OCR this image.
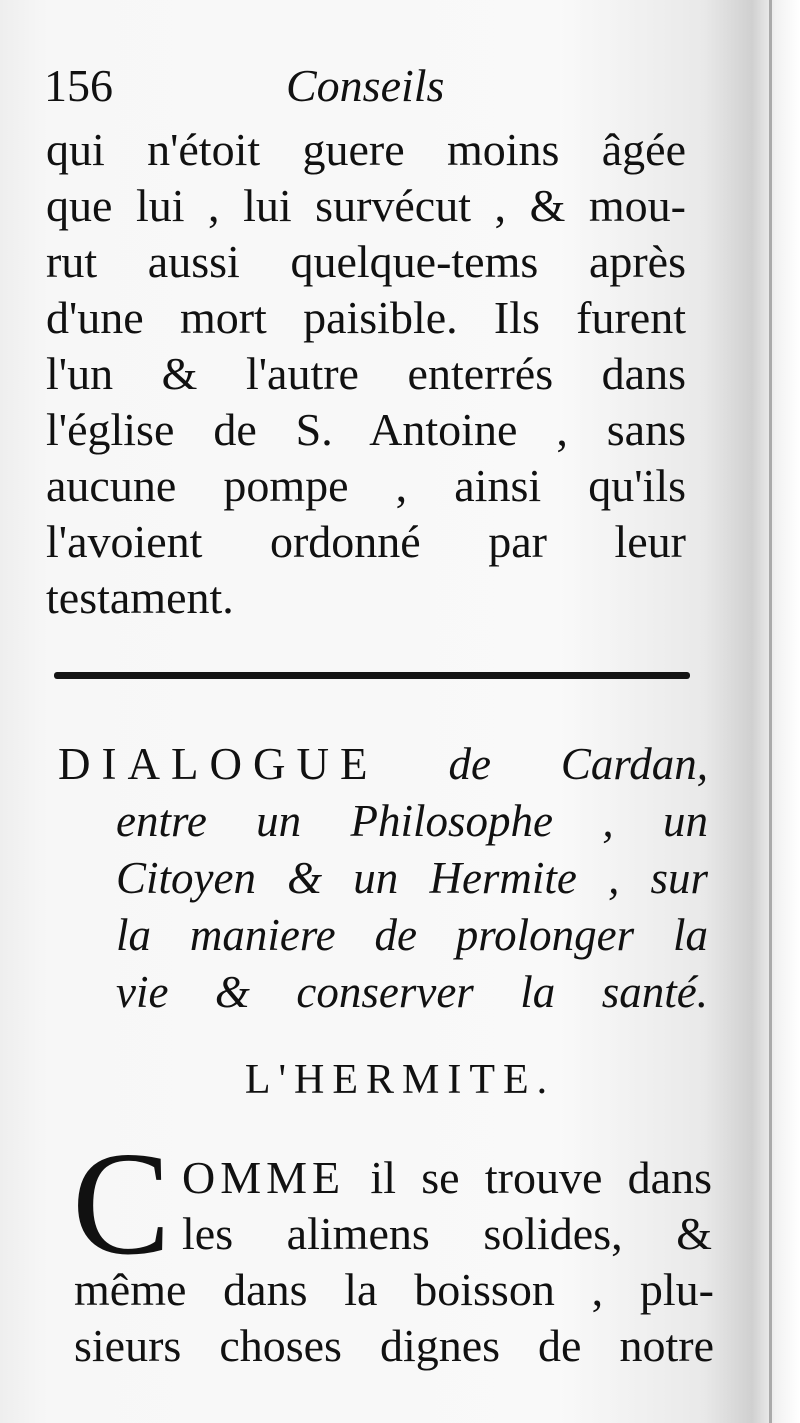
156	Conseils
qui n'étoit guere moins âgée
que lui , lui survécut , & mou-
rut aussi quelque-tems après
d'une mort paisible. Ils furent
l'un & l'autre enterrés dans
l'église de S. Antoine , sans
aucune pompe , ainsi qu'ils
l'avoient ordonné par leur
testament.
DIALOGUE de Cardan,
entre un Philosophe , un
Citoyen & un Hermite , sur
la maniere de prolonger la
vie & conserver la santé.
L'HERMITE.
C OMME il se trouve dans
les alimens solides, &
même dans la boisson , plu-
sieurs choses dignes de notre
